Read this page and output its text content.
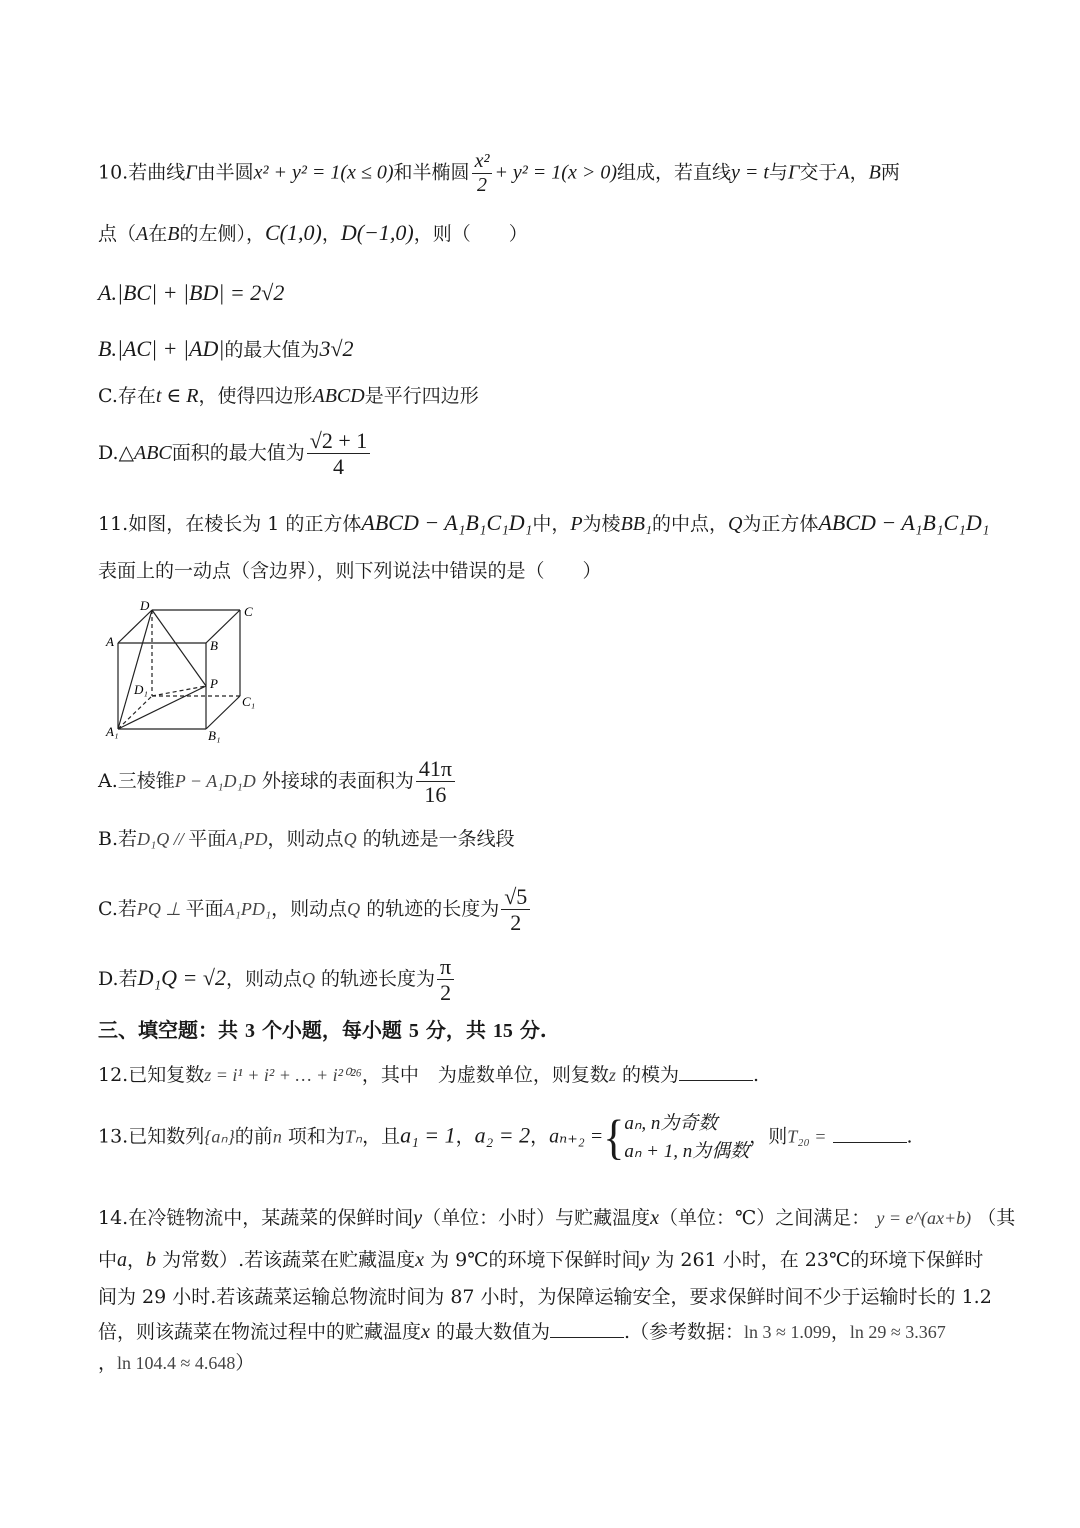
10.若曲线Γ由半圆x² + y² = 1(x ≤ 0)和半椭圆 $\frac{\text{x²}}{2} + y^2 = 1(x > 0)$组成，若直线y = t与Γ交于A，B两
点（A在B的左侧），C(1,0)，D(−1,0)，则（　　）
A.|BC| + |BD| = 2√2
B.|AC| + |AD|的最大值为3√2
C.存在t ∈ R，使得四边形ABCD是平行四边形
D.△ABC面积的最大值为 $\frac{√2 + 1}{4}$
11.如图，在棱长为 1 的正方体ABCD − A₁B₁C₁D₁中，P为棱BB₁的中点，Q为正方体ABCD − A₁B₁C₁D₁
表面上的一动点（含边界），则下列说法中错误的是（　　）
D	C
A	B
P
D₁
C₁
A₁	B₁
A.三棱锥P − A₁D₁D 外接球的表面积为 $\frac{41\pi}{16}$
B.若D₁Q // 平面A₁PD，则动点Q 的轨迹是一条线段
C.若PQ ⊥ 平面A₁PD₁，则动点Q 的轨迹的长度为 $\frac{√5}{2}$
D.若D₁Q = √2，则动点Q 的轨迹长度为 $\frac{\pi}{2}$
三、填空题：共 3 个小题，每小题 5 分，共 15 分.
12.已知复数z = i¹ + i² + … + i²⁰²⁶，其中　为虚数单位，则复数z 的模为	.
13.已知数列{aₙ}的前n 项和为Tₙ，且a₁ = 1，a₂ = 2，aₙ₊₂ ={ aₙ, n为奇数
aₙ + 1, n为偶数
，则T₂₀ =	.
14.在冷链物流中，某蔬菜的保鲜时间y（单位：小时）与贮藏温度x（单位：℃）之间满足： y = e^(ax+b) （其
中a，b 为常数）.若该蔬菜在贮藏温度x 为 9℃的环境下保鲜时间y 为 261 小时，在 23℃的环境下保鲜时
间为 29 小时.若该蔬菜运输总物流时间为 87 小时，为保障运输安全，要求保鲜时间不少于运输时长的 1.2
倍，则该蔬菜在物流过程中的贮藏温度x 的最大数值为	.（参考数据：ln 3 ≈ 1.099，ln 29 ≈ 3.367
，ln 104.4 ≈ 4.648）
